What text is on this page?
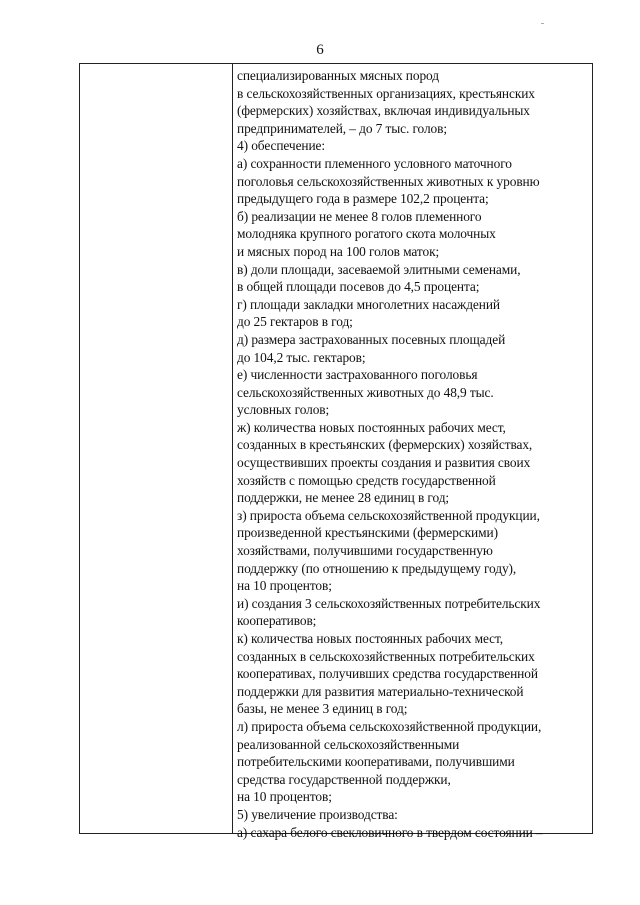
6
специализированных мясных пород
в сельскохозяйственных организациях, крестьянских
(фермерских) хозяйствах, включая индивидуальных
предпринимателей, – до 7 тыс. голов;
4) обеспечение:
а) сохранности племенного условного маточного
поголовья сельскохозяйственных животных к уровню
предыдущего года в размере 102,2 процента;
б) реализации не менее 8 голов племенного
молодняка крупного рогатого скота молочных
и мясных пород на 100 голов маток;
в) доли площади, засеваемой элитными семенами,
в общей площади посевов до 4,5 процента;
г) площади закладки многолетних насаждений
до 25 гектаров в год;
д) размера застрахованных посевных площадей
до 104,2 тыс. гектаров;
е) численности застрахованного поголовья
сельскохозяйственных животных до 48,9 тыс.
условных голов;
ж) количества новых постоянных рабочих мест,
созданных в крестьянских (фермерских) хозяйствах,
осуществивших проекты создания и развития своих
хозяйств с помощью средств государственной
поддержки, не менее 28 единиц в год;
з) прироста объема сельскохозяйственной продукции,
произведенной крестьянскими (фермерскими)
хозяйствами, получившими государственную
поддержку (по отношению к предыдущему году),
на 10 процентов;
и) создания 3 сельскохозяйственных потребительских
кооперативов;
к) количества новых постоянных рабочих мест,
созданных в сельскохозяйственных потребительских
кооперативах, получивших средства государственной
поддержки для развития материально-технической
базы, не менее 3 единиц в год;
л) прироста объема сельскохозяйственной продукции,
реализованной сельскохозяйственными
потребительскими кооперативами, получившими
средства государственной поддержки,
на 10 процентов;
5) увеличение производства:
а) сахара белого свекловичного в твердом состоянии –
